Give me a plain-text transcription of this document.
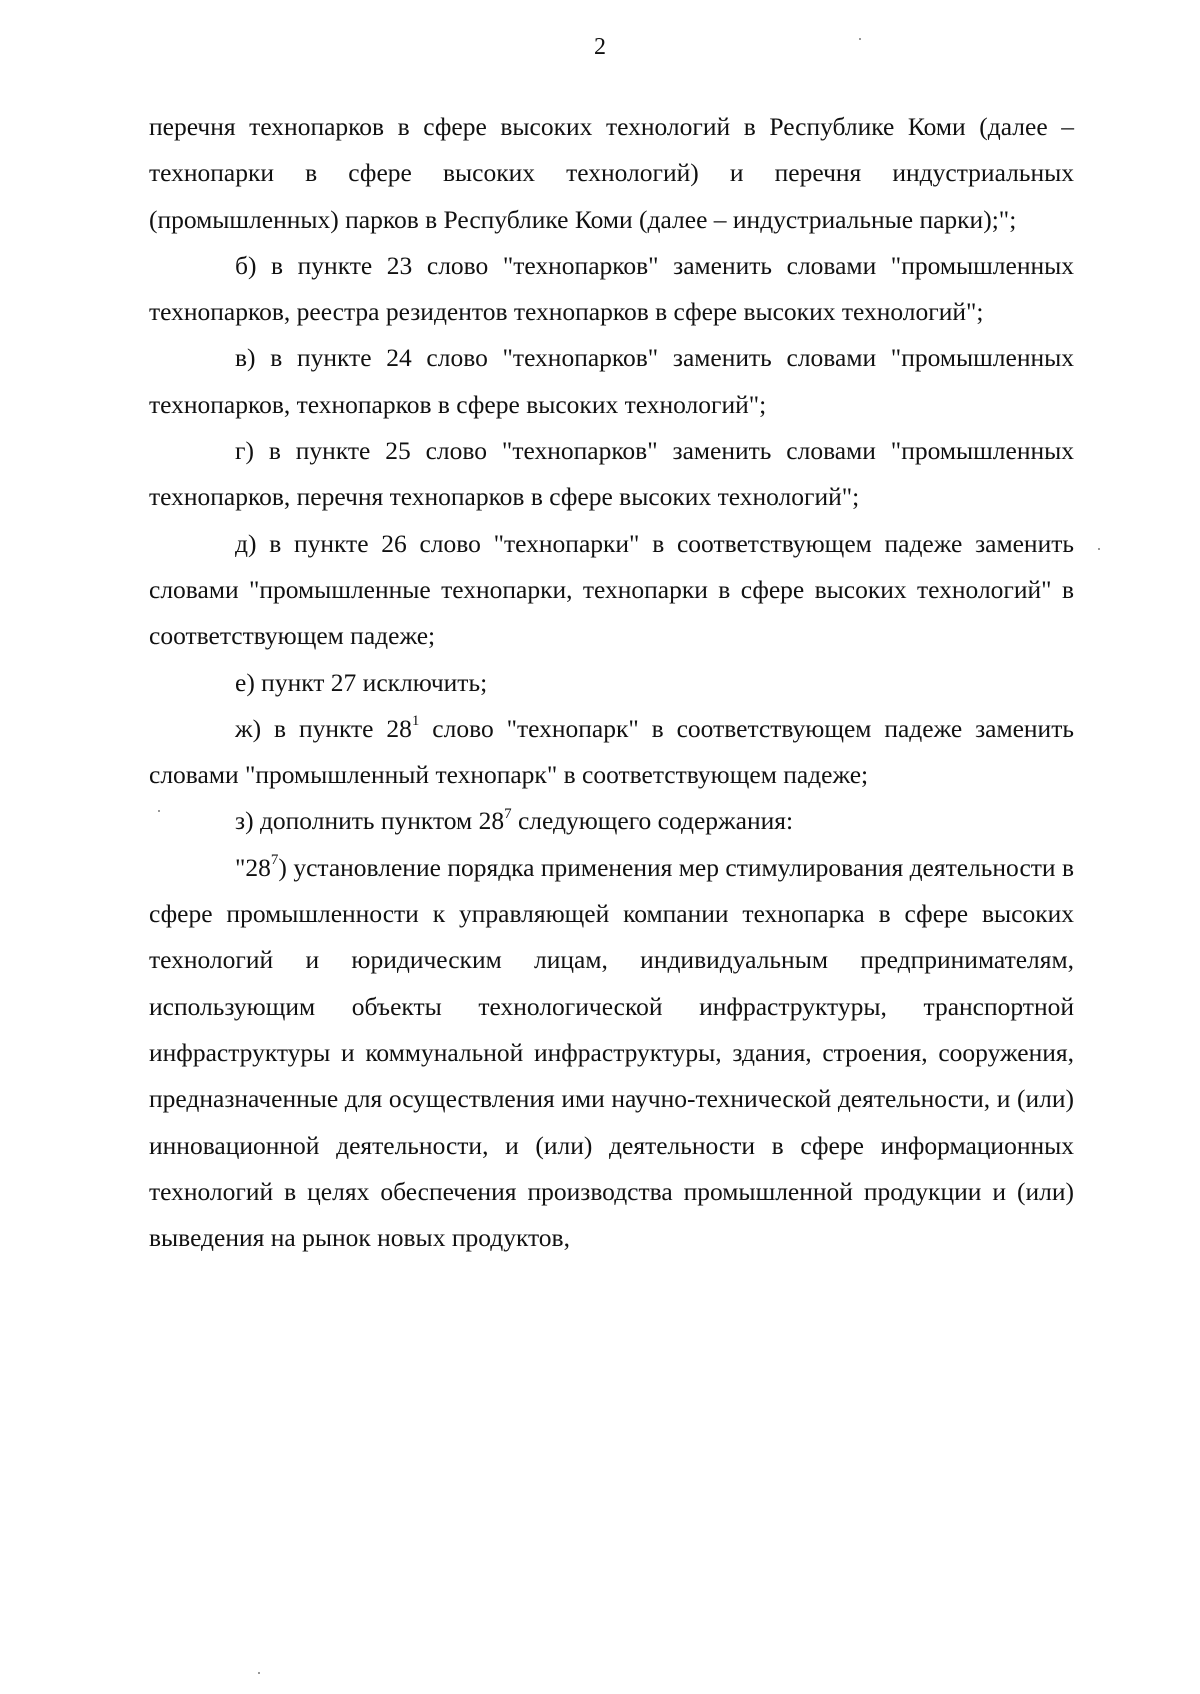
2

перечня технопарков в сфере высоких технологий в Республике Коми (далее – технопарки в сфере высоких технологий) и перечня индустриальных (промышленных) парков в Республике Коми (далее – индустриальные парки);";

б) в пункте 23 слово "технопарков" заменить словами "промышленных технопарков, реестра резидентов технопарков в сфере высоких технологий";

в) в пункте 24 слово "технопарков" заменить словами "промышленных технопарков, технопарков в сфере высоких технологий";

г) в пункте 25 слово "технопарков" заменить словами "промышленных технопарков, перечня технопарков в сфере высоких технологий";

д) в пункте 26 слово "технопарки" в соответствующем падеже заменить словами "промышленные технопарки, технопарки в сфере высоких технологий" в соответствующем падеже;

е) пункт 27 исключить;

ж) в пункте $28^1$ слово "технопарк" в соответствующем падеже заменить словами "промышленный технопарк" в соответствующем падеже;

з) дополнить пунктом $28^7$ следующего содержания:

"$28^7$) установление порядка применения мер стимулирования деятельности в сфере промышленности к управляющей компании технопарка в сфере высоких технологий и юридическим лицам, индивидуальным предпринимателям, использующим объекты технологической инфраструктуры, транспортной инфраструктуры и коммунальной инфраструктуры, здания, строения, сооружения, предназначенные для осуществления ими научно-технической деятельности, и (или) инновационной деятельности, и (или) деятельности в сфере информационных технологий в целях обеспечения производства промышленной продукции и (или) выведения на рынок новых продуктов,
